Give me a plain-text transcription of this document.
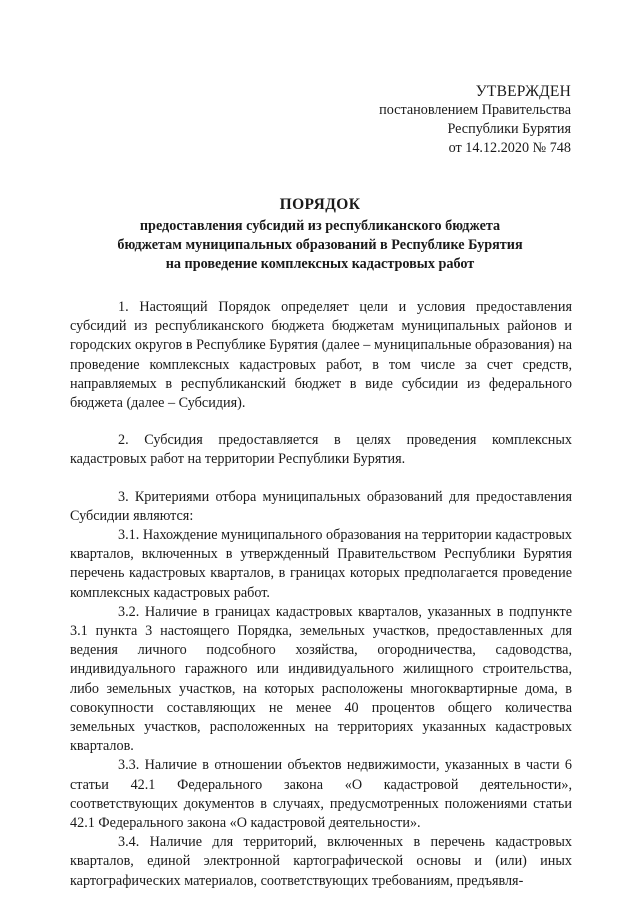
УТВЕРЖДЕН
постановлением Правительства
Республики Бурятия
от 14.12.2020 № 748
ПОРЯДОК
предоставления субсидий из республиканского бюджета
бюджетам муниципальных образований в Республике Бурятия
на проведение комплексных кадастровых работ

1. Настоящий Порядок определяет цели и условия предоставления субсидий из республиканского бюджета бюджетам муниципальных районов и городских округов в Республике Бурятия (далее – муниципальные образования) на проведение комплексных кадастровых работ, в том числе за счет средств, направляемых в республиканский бюджет в виде субсидии из федерального бюджета (далее – Субсидия).

2. Субсидия предоставляется в целях проведения комплексных кадастровых работ на территории Республики Бурятия.

3. Критериями отбора муниципальных образований для предоставления Субсидии являются:

3.1. Нахождение муниципального образования на территории кадастровых кварталов, включенных в утвержденный Правительством Республики Бурятия перечень кадастровых кварталов, в границах которых предполагается проведение комплексных кадастровых работ.

3.2. Наличие в границах кадастровых кварталов, указанных в подпункте 3.1 пункта 3 настоящего Порядка, земельных участков, предоставленных для ведения личного подсобного хозяйства, огородничества, садоводства, индивидуального гаражного или индивидуального жилищного строительства, либо земельных участков, на которых расположены многоквартирные дома, в совокупности составляющих не менее 40 процентов общего количества земельных участков, расположенных на территориях указанных кадастровых кварталов.

3.3. Наличие в отношении объектов недвижимости, указанных в части 6 статьи 42.1 Федерального закона «О кадастровой деятельности», соответствующих документов в случаях, предусмотренных положениями статьи 42.1 Федерального закона «О кадастровой деятельности».

3.4. Наличие для территорий, включенных в перечень кадастровых кварталов, единой электронной картографической основы и (или) иных картографических материалов, соответствующих требованиям, предъявля-
